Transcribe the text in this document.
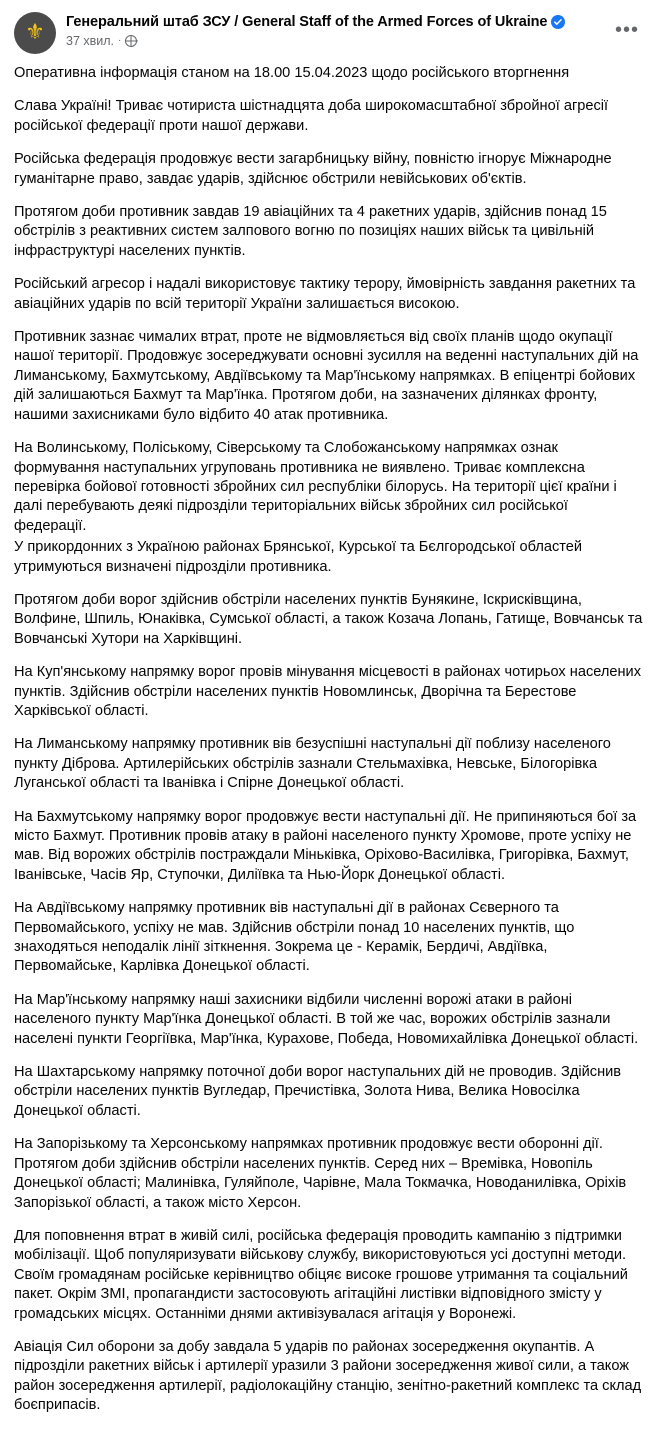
⚜ Генеральний штаб ЗСУ / General Staff of the Armed Forces of Ukraine
37 хвил. ·	•••

Оперативна інформація станом на 18.00 15.04.2023 щодо російського вторгнення

Слава Україні! Триває чотириста шістнадцята доба широкомасштабної збройної агресії російської федерації проти нашої держави.

Російська федерація продовжує вести загарбницьку війну, повністю ігнорує Міжнародне гуманітарне право, завдає ударів, здійснює обстрили невійськових об'єктів.

Протягом доби противник завдав 19 авіаційних та 4 ракетних ударів, здійснив понад 15 обстрілів з реактивних систем залпового вогню по позиціях наших військ та цивільній інфраструктурі населених пунктів.

Російський агресор і надалі використовує тактику терору, ймовірність завдання ракетних та авіаційних ударів по всій території України залишається високою.

Противник зазнає чималих втрат, проте не відмовляється від своїх планів щодо окупації нашої території. Продовжує зосереджувати основні зусилля на веденні наступальних дій на Лиманському, Бахмутському, Авдіївському та Мар'їнському напрямках. В епіцентрі бойових дій залишаються Бахмут та Мар'їнка. Протягом доби, на зазначених ділянках фронту, нашими захисниками було відбито 40 атак противника.

На Волинському, Поліському, Сіверському та Слобожанському напрямках ознак формування наступальних угруповань противника не виявлено. Триває комплексна перевірка бойової готовності збройних сил республіки білорусь. На території цієї країни і далі перебувають деякі підрозділи територіальних військ збройних сил російської федерації.

У прикордонних з Україною районах Брянської, Курської та Бєлгородської областей утримуються визначені підрозділи противника.

Протягом доби ворог здійснив обстріли населених пунктів Бунякине, Іскрисківщина, Волфине, Шпиль, Юнаківка, Сумської області, а також Козача Лопань, Гатище, Вовчанськ та Вовчанські Хутори на Харківщині.

На Куп'янському напрямку ворог провів мінування місцевості в районах чотирьох населених пунктів. Здійснив обстріли населених пунктів Новомлинськ, Дворічна та Берестове Харківської області.

На Лиманському напрямку противник вів безуспішні наступальні дії поблизу населеного пункту Діброва. Артилерійських обстрілів зазнали Стельмахівка, Невське, Білогорівка Луганської області та Іванівка і Спірне Донецької області.

На Бахмутському напрямку ворог продовжує вести наступальні дії. Не припиняються бої за місто Бахмут. Противник провів атаку в районі населеного пункту Хромове, проте успіху не мав. Від ворожих обстрілів постраждали Міньківка, Оріхово-Василівка, Григорівка, Бахмут, Іванівське, Часів Яр, Ступочки, Диліївка та Нью-Йорк Донецької області.

На Авдіївському напрямку противник вів наступальні дії в районах Сєверного та Первомайського, успіху не мав. Здійснив обстріли понад 10 населених пунктів, що знаходяться неподалік лінії зіткнення. Зокрема це - Керамік, Бердичі, Авдіївка, Первомайське, Карлівка Донецької області.

На Мар'їнському напрямку наші захисники відбили численні ворожі атаки в районі населеного пункту Мар'їнка Донецької області. В той же час, ворожих обстрілів зазнали населені пункти Георгіївка, Мар'їнка, Курахове, Победа, Новомихайлівка Донецької області.

На Шахтарському напрямку поточної доби ворог наступальних дій не проводив. Здійснив обстріли населених пунктів Вугледар, Пречистівка, Золота Нива, Велика Новосілка Донецької області.

На Запорізькому та Херсонському напрямках противник продовжує вести оборонні дії. Протягом доби здійснив обстріли населених пунктів. Серед них – Времівка, Новопіль Донецької області; Малинівка, Гуляйполе, Чарівне, Мала Токмачка, Новоданилівка, Оріхів Запорізької області, а також місто Херсон.

Для поповнення втрат в живій силі, російська федерація проводить кампанію з підтримки мобілізації. Щоб популяризувати військову службу, використовуються усі доступні методи. Своїм громадянам російське керівництво обіцяє високе грошове утримання та соціальний пакет. Окрім ЗМІ, пропагандисти застосовують агітаційні листівки відповідного змісту у громадських місцях. Останніми днями активізувалася агітація у Воронежі.

Авіація Сил оборони за добу завдала 5 ударів по районах зосередження окупантів. А підрозділи ракетних військ і артилерії уразили 3 райони зосередження живої сили, а також район зосередження артилерії, радіолокаційну станцію, зенітно-ракетний комплекс та склад боєприпасів.
